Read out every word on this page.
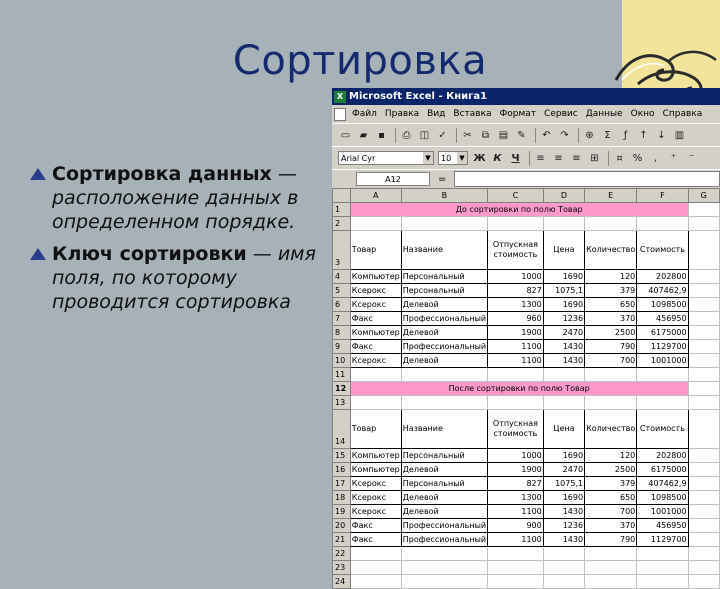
Сортировка
Сортировка данных — расположение данных в определенном порядке.
Ключ сортировки — имя поля, по которому проводится сортировка
X Microsoft Excel - Книга1
Файл Правка Вид Вставка Формат Сервис Данные Окно Справка
▭ ▰	▪	⎙ ◫ ✓	✂	⧉ ▤ ✎	↶ ↷	⊕	Σ	ƒ	↑ ↓ ▥
Arial Cyr	▼	10	▼ Ж К Ч	≡ ≡ ≡ ⊞	¤	%	,	⁺	⁻
A12	=
	A	B	C	D	E	F	G
1	До сортировки по полю Товар						
2							
3	Товар	Название	Отпускная стоимость	Цена	Количество	Стоимость	
4	Компьютер	Персональный	1000	1690	120	202800	
5	Ксерокс	Персональный	827	1075,1	379	407462,9	
6	Ксерокс	Делевой	1300	1690	650	1098500	
7	Факс	Профессиональный	960	1236	370	456950	
8	Компьютер	Делевой	1900	2470	2500	6175000	
9	Факс	Профессиональный	1100	1430	790	1129700	
10	Ксерокс	Делевой	1100	1430	700	1001000	
11							
12	После сортировки по полю Товар						
13							
14	Товар	Название	Отпускная стоимость	Цена	Количество	Стоимость	
15	Компьютер	Персональный	1000	1690	120	202800	
16	Компьютер	Делевой	1900	2470	2500	6175000	
17	Ксерокс	Персональный	827	1075,1	379	407462,9	
18	Ксерокс	Делевой	1300	1690	650	1098500	
19	Ксерокс	Делевой	1100	1430	700	1001000	
20	Факс	Профессиональный	900	1236	370	456950	
21	Факс	Профессиональный	1100	1430	790	1129700	
22							
23							
24							
